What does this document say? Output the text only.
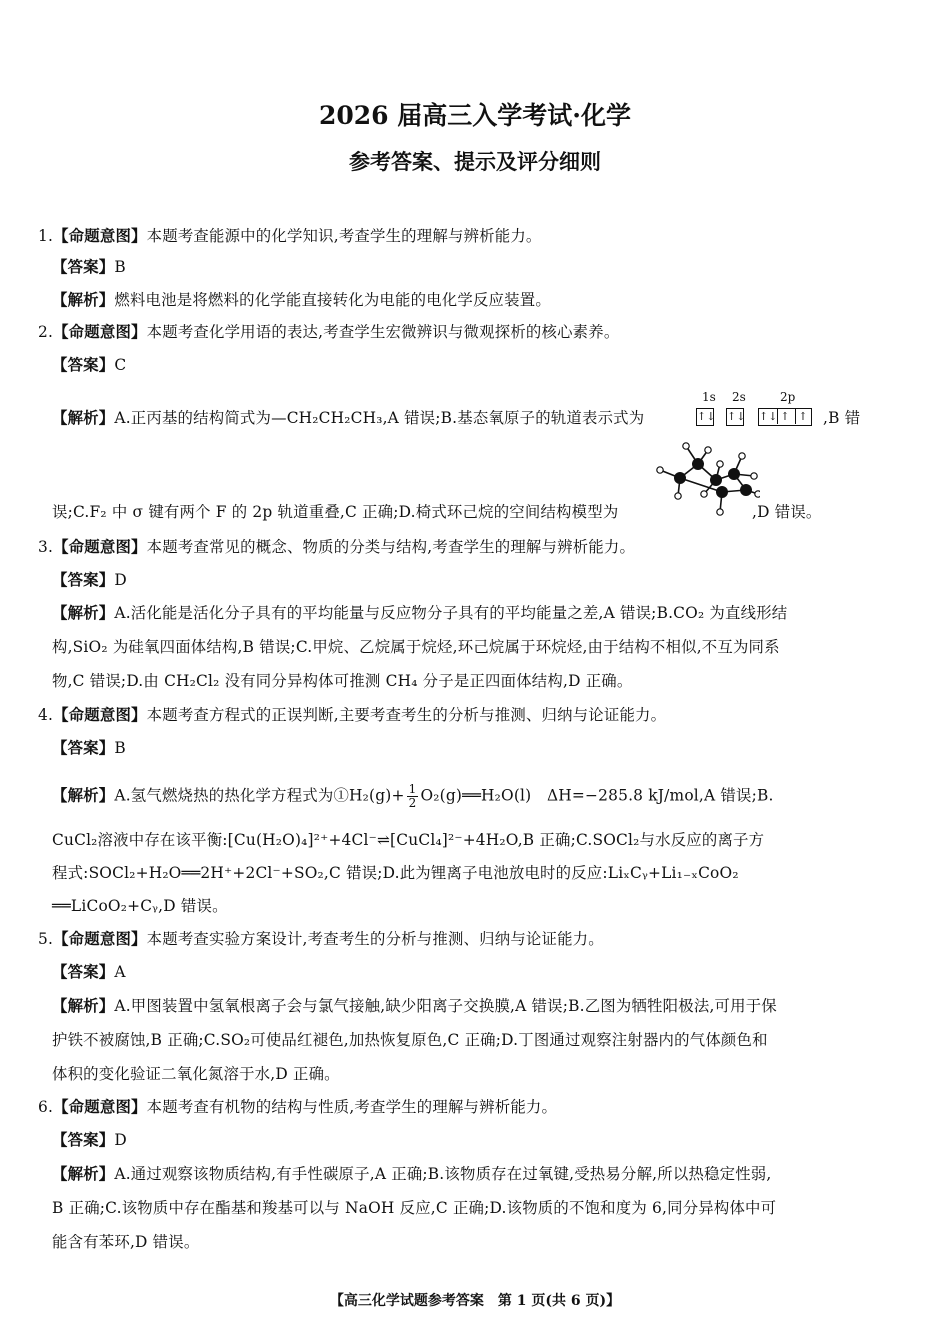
2026 届高三入学考试·化学
参考答案、提示及评分细则
1.【命题意图】本题考查能源中的化学知识,考查学生的理解与辨析能力。
【答案】B
【解析】燃料电池是将燃料的化学能直接转化为电能的电化学反应装置。
2.【命题意图】本题考查化学用语的表达,考查学生宏微辨识与微观探析的核心素养。
【答案】C
【解析】A.正丙基的结构简式为—CH₂CH₂CH₃,A 错误;B.基态氧原子的轨道表示式为
1s 2s	2p
↑↓ ↑↓ ↑↓ ↑ ↑ ,B 错
误;C.F₂ 中 σ 键有两个 F 的 2p 轨道重叠,C 正确;D.椅式环己烷的空间结构模型为	,D 错误。
3.【命题意图】本题考查常见的概念、物质的分类与结构,考查学生的理解与辨析能力。
【答案】D
【解析】A.活化能是活化分子具有的平均能量与反应物分子具有的平均能量之差,A 错误;B.CO₂ 为直线形结
构,SiO₂ 为硅氧四面体结构,B 错误;C.甲烷、乙烷属于烷烃,环己烷属于环烷烃,由于结构不相似,不互为同系
物,C 错误;D.由 CH₂Cl₂ 没有同分异构体可推测 CH₄ 分子是正四面体结构,D 正确。
4.【命题意图】本题考查方程式的正误判断,主要考查考生的分析与推测、归纳与论证能力。
【答案】B
【解析】A.氢气燃烧热的热化学方程式为①H₂(g)+ $\frac{1}{2}$ O₂(g)══H₂O(l)　ΔH=−285.8 kJ/mol,A 错误;B.
CuCl₂溶液中存在该平衡:[Cu(H₂O)₄]²⁺+4Cl⁻⇌[CuCl₄]²⁻+4H₂O,B 正确;C.SOCl₂与水反应的离子方
程式:SOCl₂+H₂O══2H⁺+2Cl⁻+SO₂,C 错误;D.此为锂离子电池放电时的反应:LiₓCᵧ+Li₁₋ₓCoO₂
══LiCoO₂+Cᵧ,D 错误。
5.【命题意图】本题考查实验方案设计,考查考生的分析与推测、归纳与论证能力。
【答案】A
【解析】A.甲图装置中氢氧根离子会与氯气接触,缺少阳离子交换膜,A 错误;B.乙图为牺牲阳极法,可用于保
护铁不被腐蚀,B 正确;C.SO₂可使品红褪色,加热恢复原色,C 正确;D.丁图通过观察注射器内的气体颜色和
体积的变化验证二氧化氮溶于水,D 正确。
6.【命题意图】本题考查有机物的结构与性质,考查学生的理解与辨析能力。
【答案】D
【解析】A.通过观察该物质结构,有手性碳原子,A 正确;B.该物质存在过氧键,受热易分解,所以热稳定性弱,
B 正确;C.该物质中存在酯基和羧基可以与 NaOH 反应,C 正确;D.该物质的不饱和度为 6,同分异构体中可
能含有苯环,D 错误。
【高三化学试题参考答案　第 1 页(共 6 页)】
